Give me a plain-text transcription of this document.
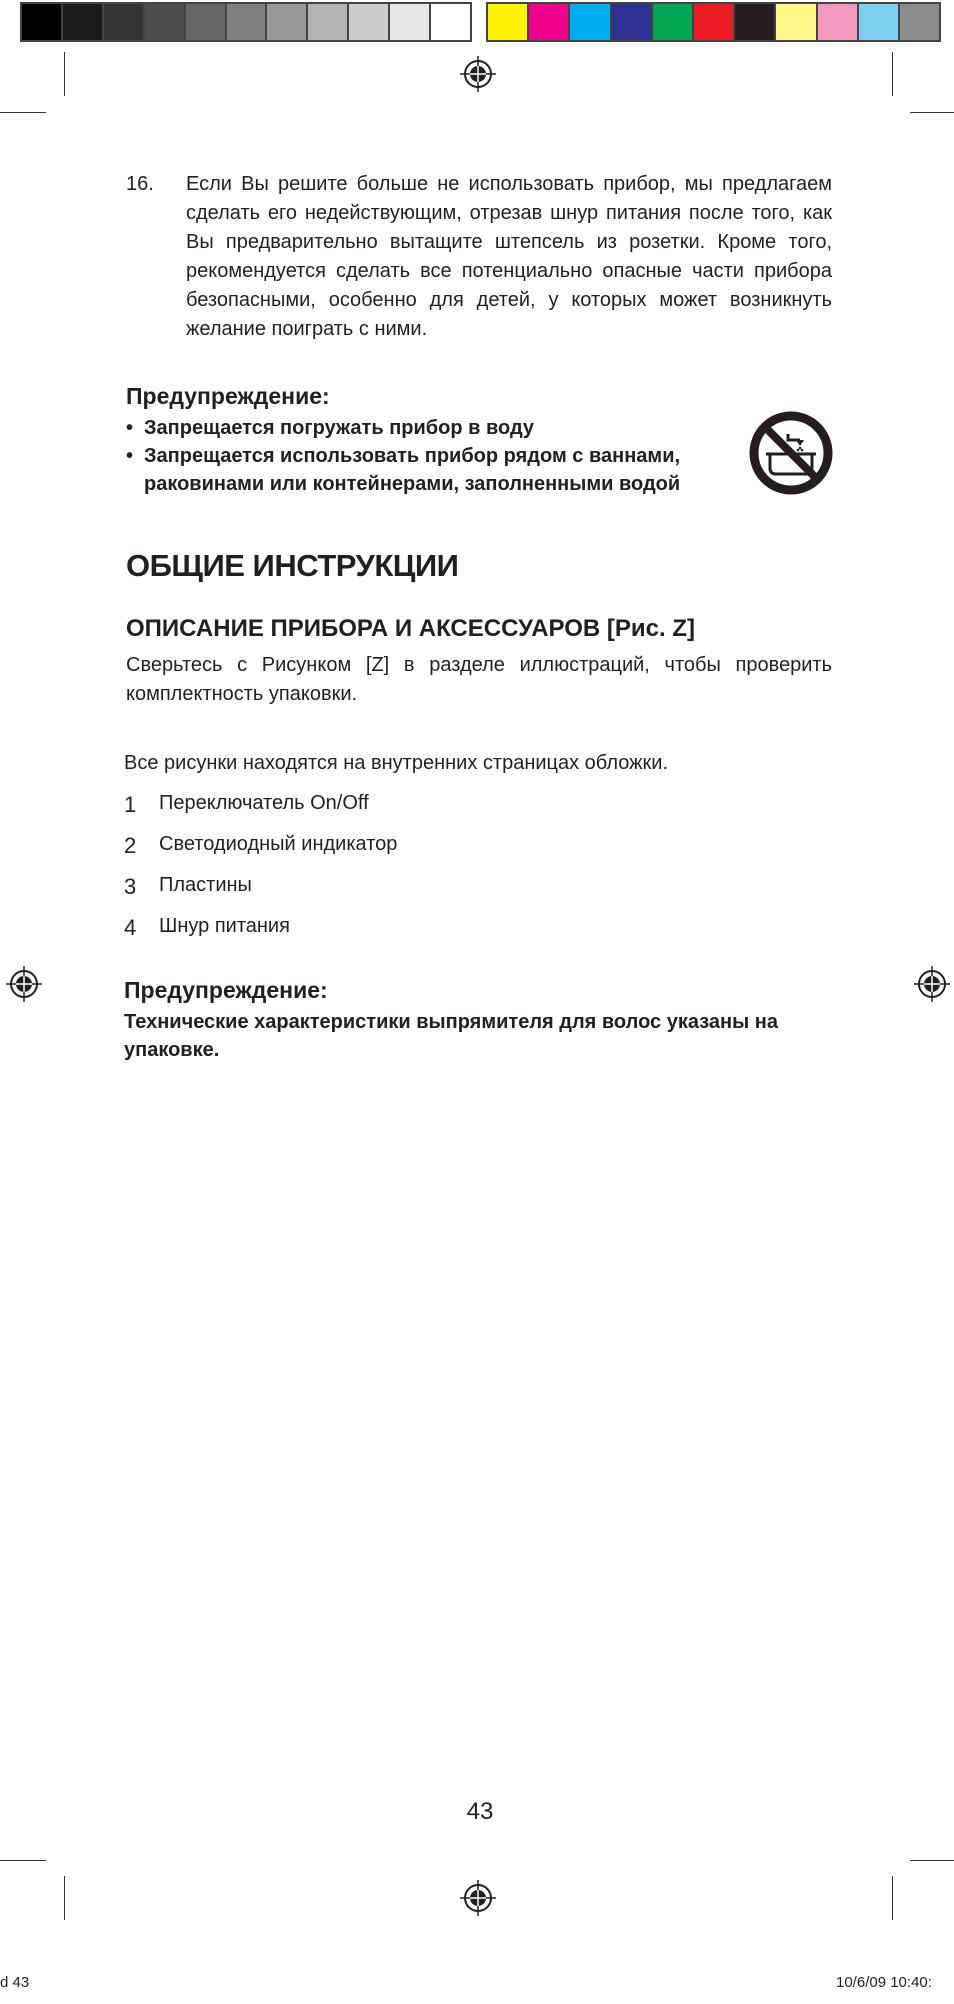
16.	Если Вы решите больше не использовать прибор, мы предлагаем сделать его недействующим, отрезав шнур питания после того, как Вы предварительно вытащите штепсель из розетки. Кроме того, рекомендуется сделать все потенциально опасные части прибора безопасными, особенно для детей, у которых может возникнуть желание поиграть с ними.
Предупреждение:
• Запрещается погружать прибор в воду
• Запрещается использовать прибор рядом с ваннами, раковинами или контейнерами, заполненными водой
ОБЩИЕ ИНСТРУКЦИИ
ОПИСАНИЕ ПРИБОРА И АКСЕССУАРОВ [Рис. Z]
Сверьтесь с Рисунком [Z] в разделе иллюстраций, чтобы проверить комплектность упаковки.
Все рисунки находятся на внутренних страницах обложки.
1	Переключатель On/Off
2	Светодиодный индикатор
3	Пластины
4	Шнур питания
Предупреждение:
Технические характеристики выпрямителя для волос указаны на упаковке.
43
d 43	10/6/09 10:40:
